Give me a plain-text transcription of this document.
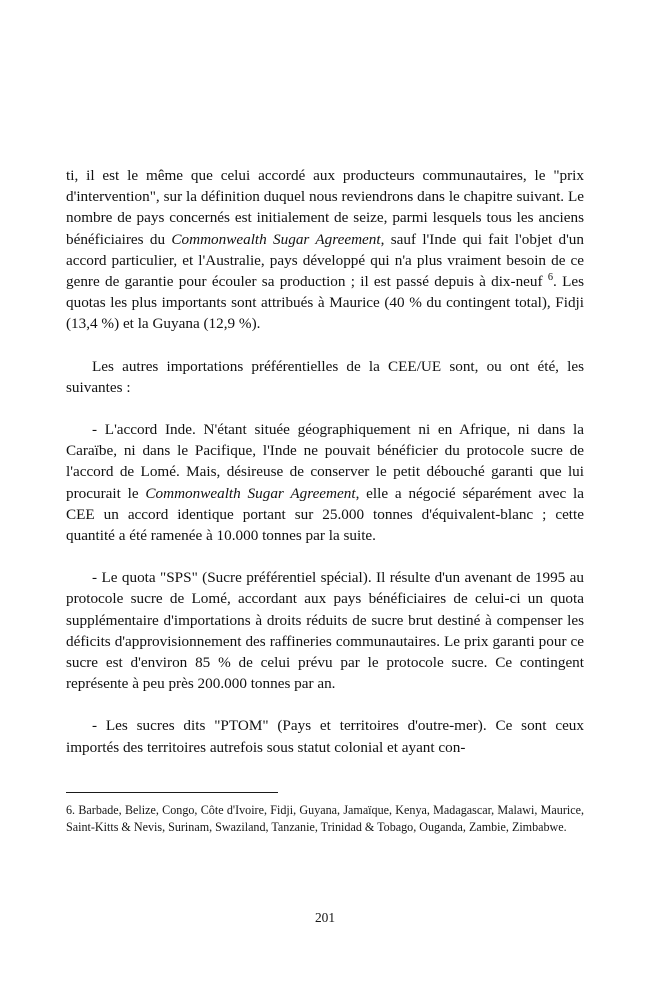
ti, il est le même que celui accordé aux producteurs communautaires, le "prix d'intervention", sur la définition duquel nous reviendrons dans le chapitre suivant. Le nombre de pays concernés est initialement de seize, parmi lesquels tous les anciens bénéficiaires du Commonwealth Sugar Agreement, sauf l'Inde qui fait l'objet d'un accord particulier, et l'Australie, pays développé qui n'a plus vraiment besoin de ce genre de garantie pour écouler sa production ; il est passé depuis à dix-neuf $^6$. Les quotas les plus importants sont attribués à Maurice (40 % du contingent total), Fidji (13,4 %) et la Guyana (12,9 %).

Les autres importations préférentielles de la CEE/UE sont, ou ont été, les suivantes :

- L'accord Inde. N'étant située géographiquement ni en Afrique, ni dans la Caraïbe, ni dans le Pacifique, l'Inde ne pouvait bénéficier du protocole sucre de l'accord de Lomé. Mais, désireuse de conserver le petit débouché garanti que lui procurait le Commonwealth Sugar Agreement, elle a négocié séparément avec la CEE un accord identique portant sur 25.000 tonnes d'équivalent-blanc ; cette quantité a été ramenée à 10.000 tonnes par la suite.

- Le quota "SPS" (Sucre préférentiel spécial). Il résulte d'un avenant de 1995 au protocole sucre de Lomé, accordant aux pays bénéficiaires de celui-ci un quota supplémentaire d'importations à droits réduits de sucre brut destiné à compenser les déficits d'approvisionnement des raffineries communautaires. Le prix garanti pour ce sucre est d'environ 85 % de celui prévu par le protocole sucre. Ce contingent représente à peu près 200.000 tonnes par an.

- Les sucres dits "PTOM" (Pays et territoires d'outre-mer). Ce sont ceux importés des territoires autrefois sous statut colonial et ayant con-

6. Barbade, Belize, Congo, Côte d'Ivoire, Fidji, Guyana, Jamaïque, Kenya, Madagascar, Malawi, Maurice, Saint-Kitts & Nevis, Surinam, Swaziland, Tanzanie, Trinidad & Tobago, Ouganda, Zambie, Zimbabwe.

201
